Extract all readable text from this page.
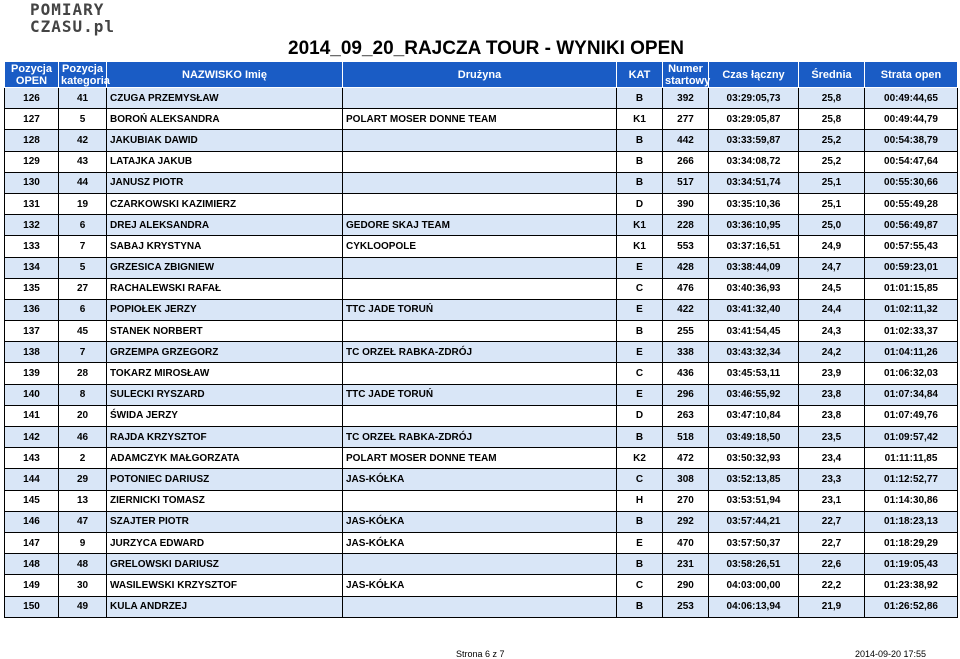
POMIARY
CZASU.pl
2014_09_20_RAJCZA TOUR - WYNIKI OPEN
Pozycja OPEN	Pozycja kategoria	NAZWISKO Imię	Drużyna	KAT	Numer startowy	Czas łączny	Średnia	Strata open
126	41	CZUGA PRZEMYSŁAW		B	392	03:29:05,73	25,8	00:49:44,65
127	5	BOROŃ ALEKSANDRA	POLART MOSER DONNE TEAM	K1	277	03:29:05,87	25,8	00:49:44,79
128	42	JAKUBIAK DAWID		B	442	03:33:59,87	25,2	00:54:38,79
129	43	LATAJKA JAKUB		B	266	03:34:08,72	25,2	00:54:47,64
130	44	JANUSZ PIOTR		B	517	03:34:51,74	25,1	00:55:30,66
131	19	CZARKOWSKI KAZIMIERZ		D	390	03:35:10,36	25,1	00:55:49,28
132	6	DREJ ALEKSANDRA	GEDORE SKAJ TEAM	K1	228	03:36:10,95	25,0	00:56:49,87
133	7	SABAJ KRYSTYNA	CYKLOOPOLE	K1	553	03:37:16,51	24,9	00:57:55,43
134	5	GRZESICA ZBIGNIEW		E	428	03:38:44,09	24,7	00:59:23,01
135	27	RACHALEWSKI RAFAŁ		C	476	03:40:36,93	24,5	01:01:15,85
136	6	POPIOŁEK JERZY	TTC JADE TORUŃ	E	422	03:41:32,40	24,4	01:02:11,32
137	45	STANEK NORBERT		B	255	03:41:54,45	24,3	01:02:33,37
138	7	GRZEMPA GRZEGORZ	TC ORZEŁ RABKA-ZDRÓJ	E	338	03:43:32,34	24,2	01:04:11,26
139	28	TOKARZ MIROSŁAW		C	436	03:45:53,11	23,9	01:06:32,03
140	8	SULECKI RYSZARD	TTC JADE TORUŃ	E	296	03:46:55,92	23,8	01:07:34,84
141	20	ŚWIDA JERZY		D	263	03:47:10,84	23,8	01:07:49,76
142	46	RAJDA KRZYSZTOF	TC ORZEŁ RABKA-ZDRÓJ	B	518	03:49:18,50	23,5	01:09:57,42
143	2	ADAMCZYK MAŁGORZATA	POLART MOSER DONNE TEAM	K2	472	03:50:32,93	23,4	01:11:11,85
144	29	POTONIEC DARIUSZ	JAS-KÓŁKA	C	308	03:52:13,85	23,3	01:12:52,77
145	13	ZIERNICKI TOMASZ		H	270	03:53:51,94	23,1	01:14:30,86
146	47	SZAJTER PIOTR	JAS-KÓŁKA	B	292	03:57:44,21	22,7	01:18:23,13
147	9	JURZYCA EDWARD	JAS-KÓŁKA	E	470	03:57:50,37	22,7	01:18:29,29
148	48	GRELOWSKI DARIUSZ		B	231	03:58:26,51	22,6	01:19:05,43
149	30	WASILEWSKI KRZYSZTOF	JAS-KÓŁKA	C	290	04:03:00,00	22,2	01:23:38,92
150	49	KULA ANDRZEJ		B	253	04:06:13,94	21,9	01:26:52,86
Strona 6 z 7	2014-09-20 17:55
